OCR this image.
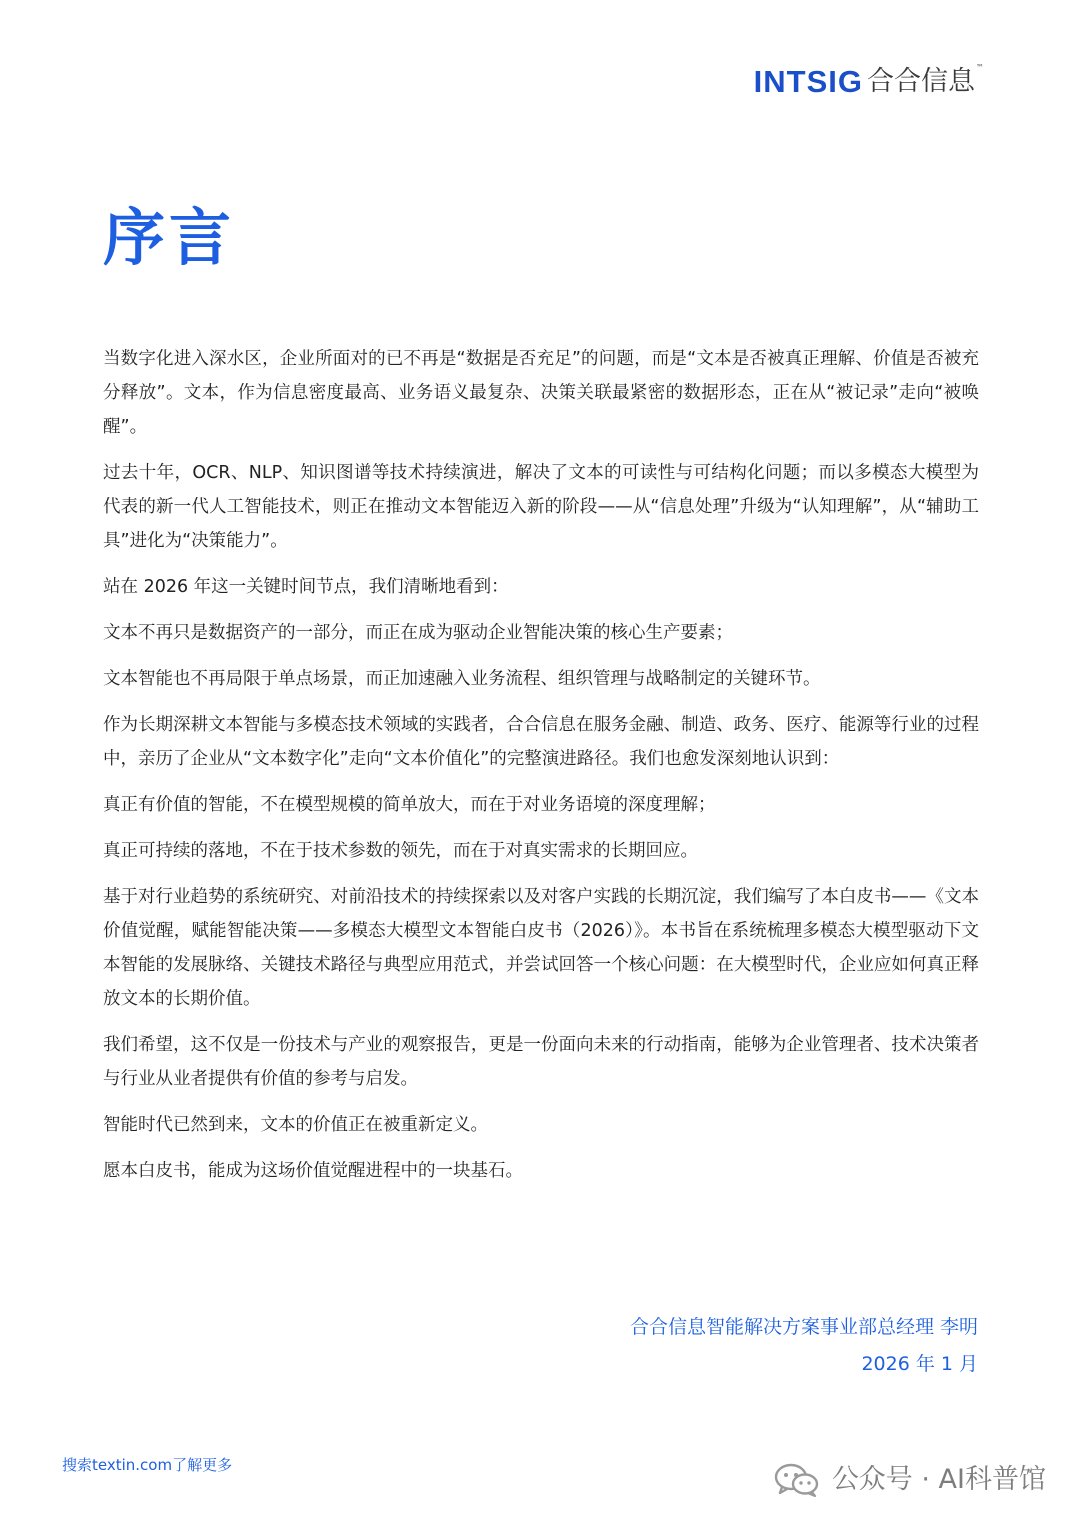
INTSIG 合合信息 ™
序言

当数字化进入深水区，企业所面对的已不再是“数据是否充足”的问题，而是“文本是否被真正理解、价值是否被充分释放”。文本，作为信息密度最高、业务语义最复杂、决策关联最紧密的数据形态，正在从“被记录”走向“被唤醒”。

过去十年，OCR、NLP、知识图谱等技术持续演进，解决了文本的可读性与可结构化问题；而以多模态大模型为代表的新一代人工智能技术，则正在推动文本智能迈入新的阶段——从“信息处理”升级为“认知理解”，从“辅助工具”进化为“决策能力”。

站在 2026 年这一关键时间节点，我们清晰地看到：

文本不再只是数据资产的一部分，而正在成为驱动企业智能决策的核心生产要素；

文本智能也不再局限于单点场景，而正加速融入业务流程、组织管理与战略制定的关键环节。

作为长期深耕文本智能与多模态技术领域的实践者，合合信息在服务金融、制造、政务、医疗、能源等行业的过程中，亲历了企业从“文本数字化”走向“文本价值化”的完整演进路径。我们也愈发深刻地认识到：

真正有价值的智能，不在模型规模的简单放大，而在于对业务语境的深度理解；

真正可持续的落地，不在于技术参数的领先，而在于对真实需求的长期回应。

基于对行业趋势的系统研究、对前沿技术的持续探索以及对客户实践的长期沉淀，我们编写了本白皮书——《文本价值觉醒，赋能智能决策——多模态大模型文本智能白皮书（2026）》。本书旨在系统梳理多模态大模型驱动下文本智能的发展脉络、关键技术路径与典型应用范式，并尝试回答一个核心问题：在大模型时代，企业应如何真正释放文本的长期价值。

我们希望，这不仅是一份技术与产业的观察报告，更是一份面向未来的行动指南，能够为企业管理者、技术决策者与行业从业者提供有价值的参考与启发。

智能时代已然到来，文本的价值正在被重新定义。

愿本白皮书，能成为这场价值觉醒进程中的一块基石。

合合信息智能解决方案事业部总经理 李明
2026 年 1 月
搜索textin.com了解更多	公众号 · AI科普馆
